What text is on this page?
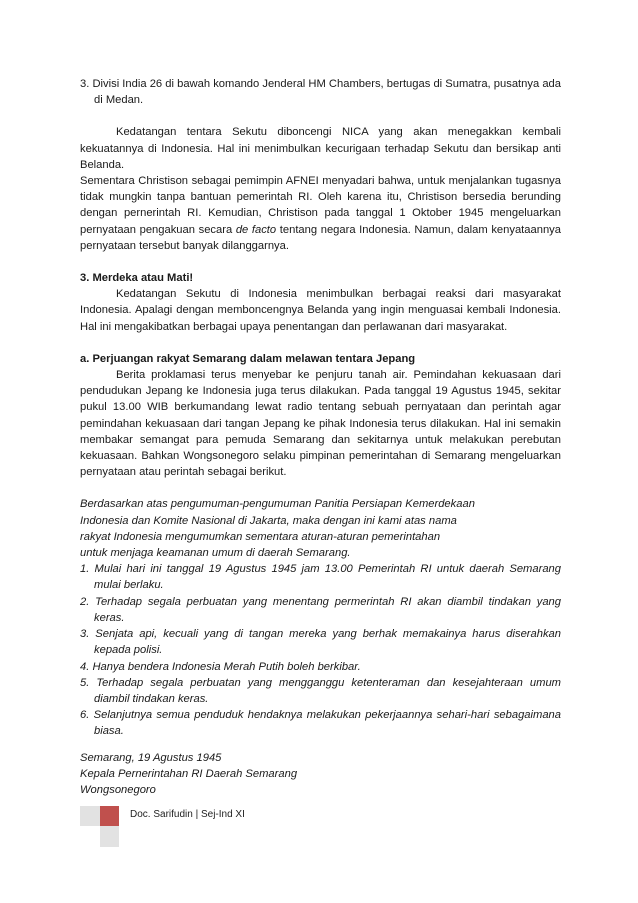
3. Divisi India 26 di bawah komando Jenderal HM Chambers, bertugas di Sumatra, pusatnya ada di Medan.

Kedatangan tentara Sekutu diboncengi NICA yang akan menegakkan kembali kekuatannya di Indonesia. Hal ini menimbulkan kecurigaan terhadap Sekutu dan bersikap anti Belanda.

Sementara Christison sebagai pemimpin AFNEI menyadari bahwa, untuk menjalankan tugasnya tidak mungkin tanpa bantuan pemerintah RI. Oleh karena itu, Christison bersedia berunding dengan pernerintah RI. Kemudian, Christison pada tanggal 1 Oktober 1945 mengeluarkan pernyataan pengakuan secara de facto tentang negara Indonesia. Namun, dalam kenyataannya pernyataan tersebut banyak dilanggarnya.

3. Merdeka atau Mati!

Kedatangan Sekutu di Indonesia menimbulkan berbagai reaksi dari masyarakat Indonesia. Apalagi dengan memboncengnya Belanda yang ingin menguasai kembali Indonesia. Hal ini mengakibatkan berbagai upaya penentangan dan perlawanan dari masyarakat.

a. Perjuangan rakyat Semarang dalam melawan tentara Jepang

Berita proklamasi terus menyebar ke penjuru tanah air. Pemindahan kekuasaan dari pendudukan Jepang ke Indonesia juga terus dilakukan. Pada tanggal 19 Agustus 1945, sekitar pukul 13.00 WIB berkumandang lewat radio tentang sebuah pernyataan dan perintah agar pemindahan kekuasaan dari tangan Jepang ke pihak Indonesia terus dilakukan. Hal ini semakin membakar semangat para pemuda Semarang dan sekitarnya untuk melakukan perebutan kekuasaan. Bahkan Wongsonegoro selaku pimpinan pemerintahan di Semarang mengeluarkan pernyataan atau perintah sebagai berikut.

Berdasarkan atas pengumuman-pengumuman Panitia Persiapan Kemerdekaan

Indonesia dan Komite Nasional di Jakarta, maka dengan ini kami atas nama

rakyat Indonesia mengumumkan sementara aturan-aturan pemerintahan

untuk menjaga keamanan umum di daerah Semarang.

1. Mulai hari ini tanggal 19 Agustus 1945 jam 13.00 Pemerintah RI untuk daerah Semarang mulai berlaku.

2. Terhadap segala perbuatan yang menentang permerintah RI akan diambil tindakan yang keras.

3. Senjata api, kecuali yang di tangan mereka yang berhak memakainya harus diserahkan kepada polisi.

4. Hanya bendera Indonesia Merah Putih boleh berkibar.

5. Terhadap segala perbuatan yang mengganggu ketenteraman dan kesejahteraan umum diambil tindakan keras.

6. Selanjutnya semua penduduk hendaknya melakukan pekerjaannya sehari-hari sebagaimana biasa.

Semarang, 19 Agustus 1945

Kepala Pernerintahan RI Daerah Semarang

Wongsonegoro

Doc. Sarifudin | Sej-Ind XI
